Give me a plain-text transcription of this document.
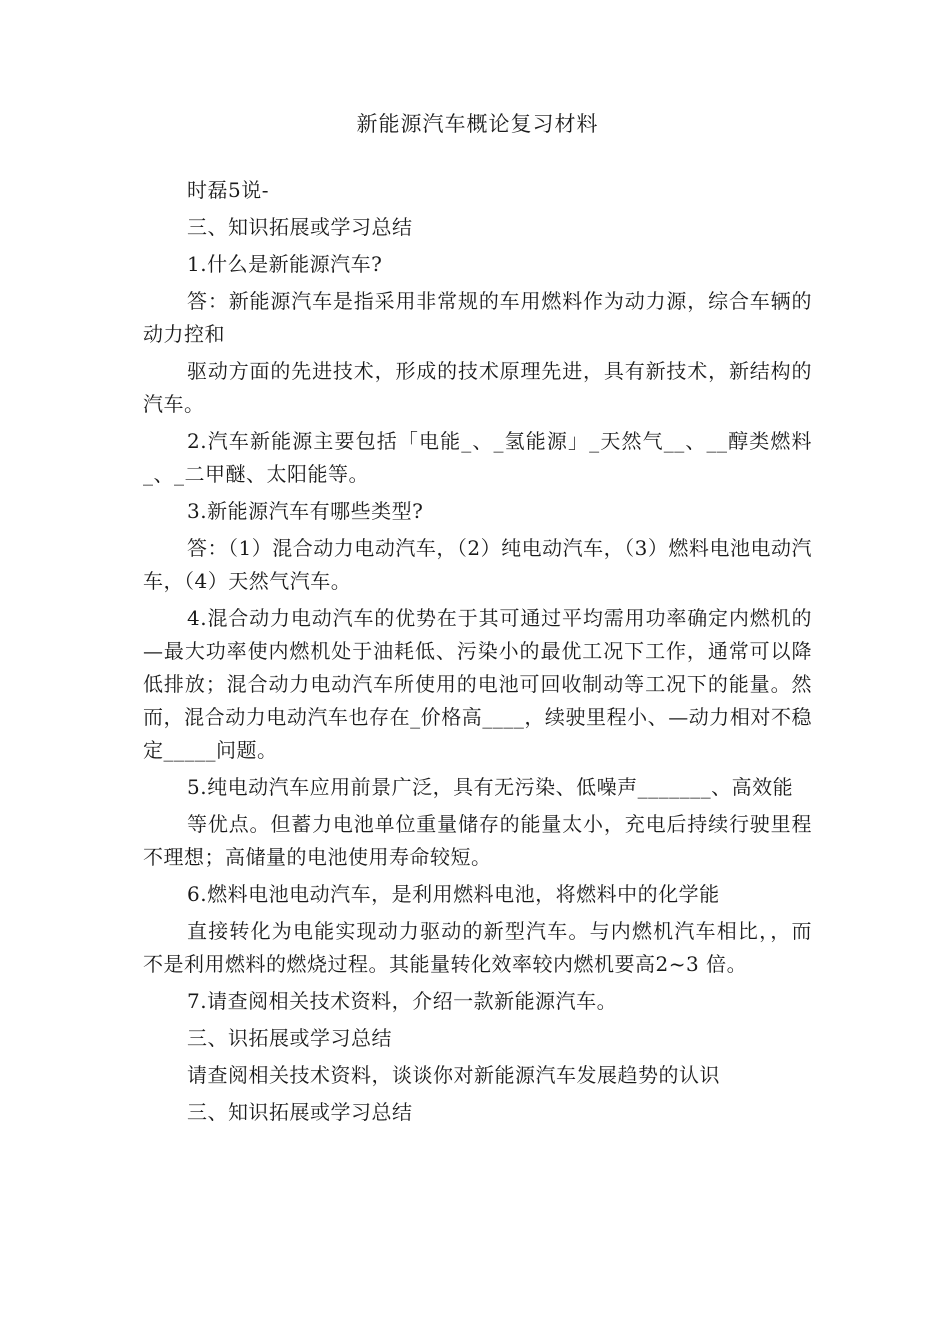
新能源汽车概论复习材料

时磊5说-

三、知识拓展或学习总结

1.什么是新能源汽车?

答：新能源汽车是指采用非常规的车用燃料作为动力源，综合车辆的动力控和

驱动方面的先进技术，形成的技术原理先进，具有新技术，新结构的汽车。

2.汽车新能源主要包括「电能_、_氢能源」_天然气__、__醇类燃料_、_二甲醚、太阳能等。

3.新能源汽车有哪些类型?

答：（1）混合动力电动汽车，（2）纯电动汽车，（3）燃料电池电动汽车，（4）天然气汽车。

4.混合动力电动汽车的优势在于其可通过平均需用功率确定内燃机的—最大功率使内燃机处于油耗低、污染小的最优工况下工作，通常可以降低排放；混合动力电动汽车所使用的电池可回收制动等工况下的能量。然而，混合动力电动汽车也存在_价格高____，续驶里程小、—动力相对不稳定_____问题。

5.纯电动汽车应用前景广泛，具有无污染、低噪声_______、高效能

等优点。但蓄力电池单位重量储存的能量太小，充电后持续行驶里程不理想；高储量的电池使用寿命较短。

6.燃料电池电动汽车，是利用燃料电池，将燃料中的化学能

直接转化为电能实现动力驱动的新型汽车。与内燃机汽车相比，，而不是利用燃料的燃烧过程。其能量转化效率较内燃机要高2~3 倍。

7.请查阅相关技术资料，介绍一款新能源汽车。

三、识拓展或学习总结

请查阅相关技术资料，谈谈你对新能源汽车发展趋势的认识

三、知识拓展或学习总结
